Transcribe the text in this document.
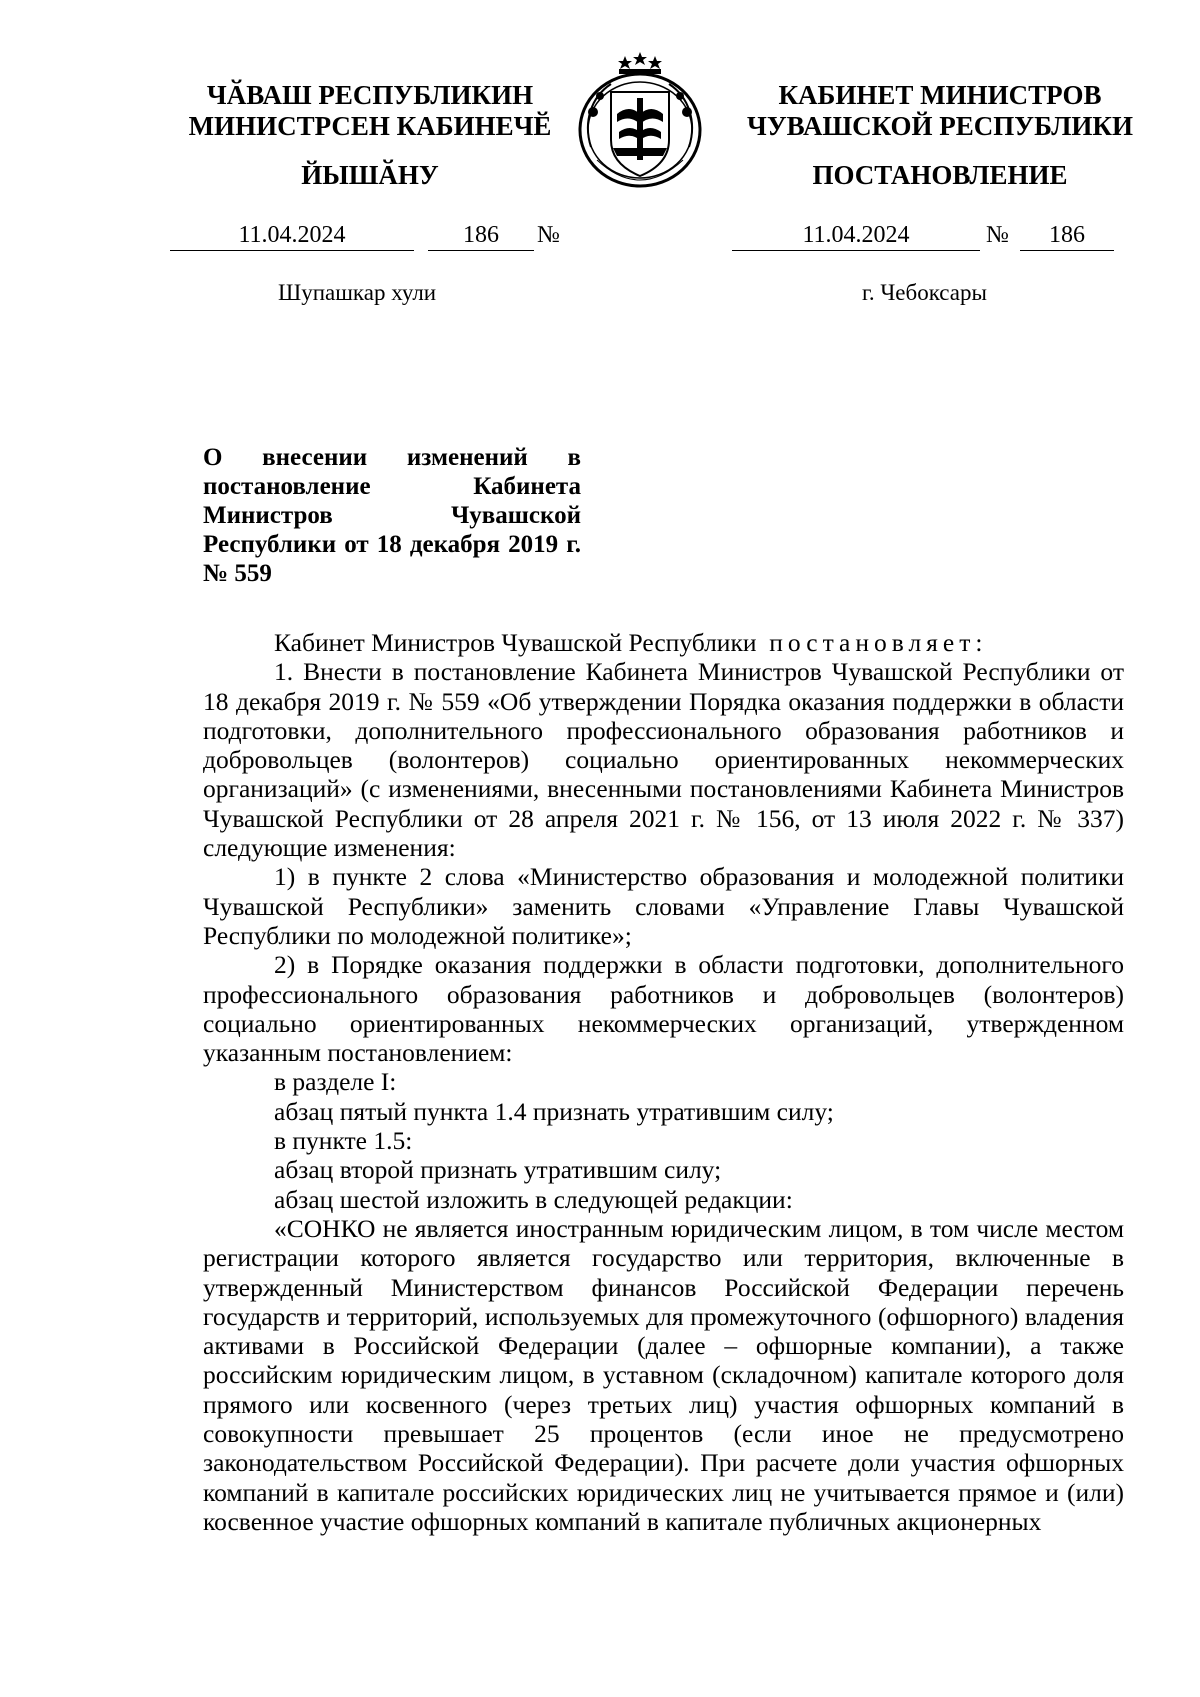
ЧӐВАШ РЕСПУБЛИКИН
МИНИСТРСЕН КАБИНЕЧӖ
ЙЫШӐНУ
КАБИНЕТ МИНИСТРОВ
ЧУВАШСКОЙ РЕСПУБЛИКИ
ПОСТАНОВЛЕНИЕ
11.04.2024	186	№	11.04.2024	№	186
Шупашкар хули	г. Чебоксары

О внесении изменений в постановление Кабинета Министров Чувашской Республики от 18 декабря 2019 г. № 559

Кабинет Министров Чувашской Республики постановляет:

1. Внести в постановление Кабинета Министров Чувашской Республики от 18 декабря 2019 г. № 559 «Об утверждении Порядка оказания поддержки в области подготовки, дополнительного профессионального образования работников и добровольцев (волонтеров) социально ориентированных некоммерческих организаций» (с изменениями, внесенными постановлениями Кабинета Министров Чувашской Республики от 28 апреля 2021 г. № 156, от 13 июля 2022 г. № 337) следующие изменения:

1) в пункте 2 слова «Министерство образования и молодежной политики Чувашской Республики» заменить словами «Управление Главы Чувашской Республики по молодежной политике»;

2) в Порядке оказания поддержки в области подготовки, дополнительного профессионального образования работников и добровольцев (волонтеров) социально ориентированных некоммерческих организаций, утвержденном указанным постановлением:

в разделе I:

абзац пятый пункта 1.4 признать утратившим силу;

в пункте 1.5:

абзац второй признать утратившим силу;

абзац шестой изложить в следующей редакции:

«СОНКО не является иностранным юридическим лицом, в том числе местом регистрации которого является государство или территория, включенные в утвержденный Министерством финансов Российской Федерации перечень государств и территорий, используемых для промежуточного (офшорного) владения активами в Российской Федерации (далее – офшорные компании), а также российским юридическим лицом, в уставном (складочном) капитале которого доля прямого или косвенного (через третьих лиц) участия офшорных компаний в совокупности превышает 25 процентов (если иное не предусмотрено законодательством Российской Федерации). При расчете доли участия офшорных компаний в капитале российских юридических лиц не учитывается прямое и (или) косвенное участие офшорных компаний в капитале публичных акционерных
